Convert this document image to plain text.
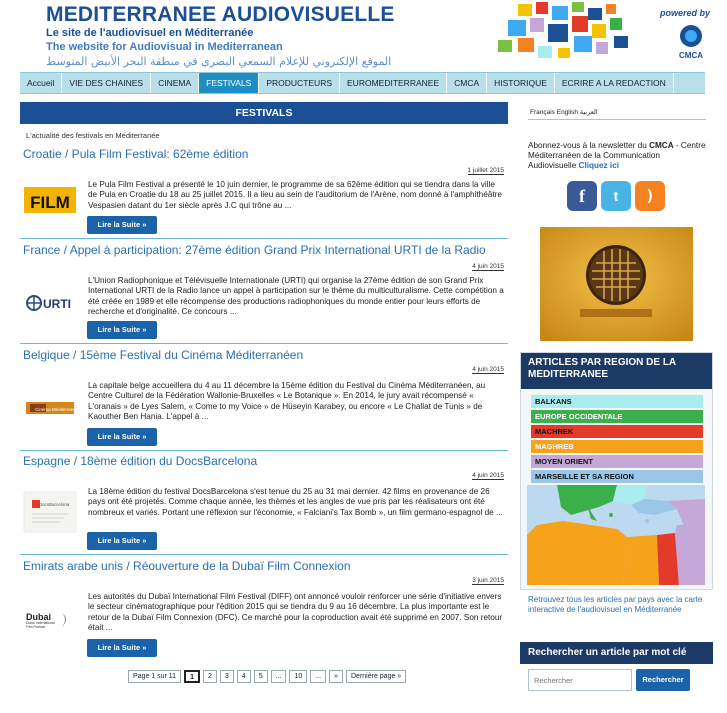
MEDITERRANEE AUDIOVISUELLE
Le site de l'audiovisuel en Méditerranée
The website for Audiovisual in Mediterranean
الموقع الإلكتروني للإعلام السمعي البصري في منطقة البحر الأبيض المتوسط
powered by
CMCA
Accueil	VIE DES CHAINES	CINEMA	FESTIVALS	PRODUCTEURS	EUROMEDITERRANEE	CMCA	HISTORIQUE	ECRIRE A LA REDACTION
FESTIVALS
L'actualité des festivals en Méditerranée
Croatie / Pula Film Festival: 62ème édition
1 juillet 2015
FILM
Le Pula Film Festival a présenté le 10 juin dernier, le programme de sa 62ème édition qui se tiendra dans la ville de Pula en Croatie du 18 au 25 juillet 2015. Il a lieu au sein de l'auditorium de l'Arène, nom donné à l'amphithéâtre Vespasien datant du 1er siècle après J.C qui trône au ...
Lire la Suite »
France / Appel à participation: 27ème édition Grand Prix International URTI de la Radio
4 juin 2015
URTI
L'Union Radiophonique et Télévisuelle Internationale (URTI) qui organise la 27ème édition de son Grand Prix International URTI de la Radio lance un appel à participation sur le thème du multiculturalisme. Cette compétition a été créée en 1989 et elle récompense des productions radiophoniques du monde entier pour leurs efforts de recherche et d'originalité. Ce concours ...
Lire la Suite »
Belgique / 15ème Festival du Cinéma Méditerranéen
4 juin 2015
Cinéma Méditerranéen
La capitale belge accueillera du 4 au 11 décembre la 15ème édition du Festival du Cinéma Méditerranéen, au Centre Culturel de la Fédération Wallonie-Bruxelles « Le Botanique ». En 2014, le jury avait récompensé « L'oranais » de Lyes Salem, « Come to my Voice » de Hüseyin Karabey, ou encore « Le Challat de Tunis » de Kaouther Ben Hania. L'appel à ...
Lire la Suite »
Espagne / 18ème édition du DocsBarcelona
4 juin 2015
DocsBarcelona
La 18ème édition du festival DocsBarcelona s'est tenue du 25 au 31 mai dernier. 42 films en provenance de 26 pays ont été projetés. Comme chaque année, les thèmes et les angles de vue pris par les réalisateurs ont été nombreux et variés. Portant une réflexion sur l'économie, « Falciani's Tax Bomb », un film germano-espagnol de ...
Lire la Suite »
Emirats arabe unis / Réouverture de la Dubaï Film Connexion
3 juin 2015
Dubai
Dubai International Film Festival
Les autorités du Dubaï International Film Festival (DIFF) ont annoncé vouloir renforcer une série d'initiative envers le secteur cinématographique pour l'édition 2015 qui se tiendra du 9 au 16 décembre. La plus importante est le retour de la Dubaï Film Connexion (DFC). Ce marché pour la coproduction avait été supprimé en 2007. Son retour était ...
Lire la Suite »
Page 1 sur 11	1	2	3	4	5	...	10	...	»	Dernière page »
Français English العربية
Abonnez-vous à la newsletter du CMCA - Centre Méditerranéen de la Communication Audiovisuelle Cliquez ici
f	t	)
ARTICLES PAR REGION DE LA MEDITERRANEE
BALKANS
EUROPE OCCIDENTALE
MACHREK
MAGHREB
MOYEN ORIENT
MARSEILLE ET SA REGION
Retrouvez tous les articles par pays avec la carte interactive de l'audiovisuel en Méditerranée
Rechercher un article par mot clé
Rechercher
Rechercher
